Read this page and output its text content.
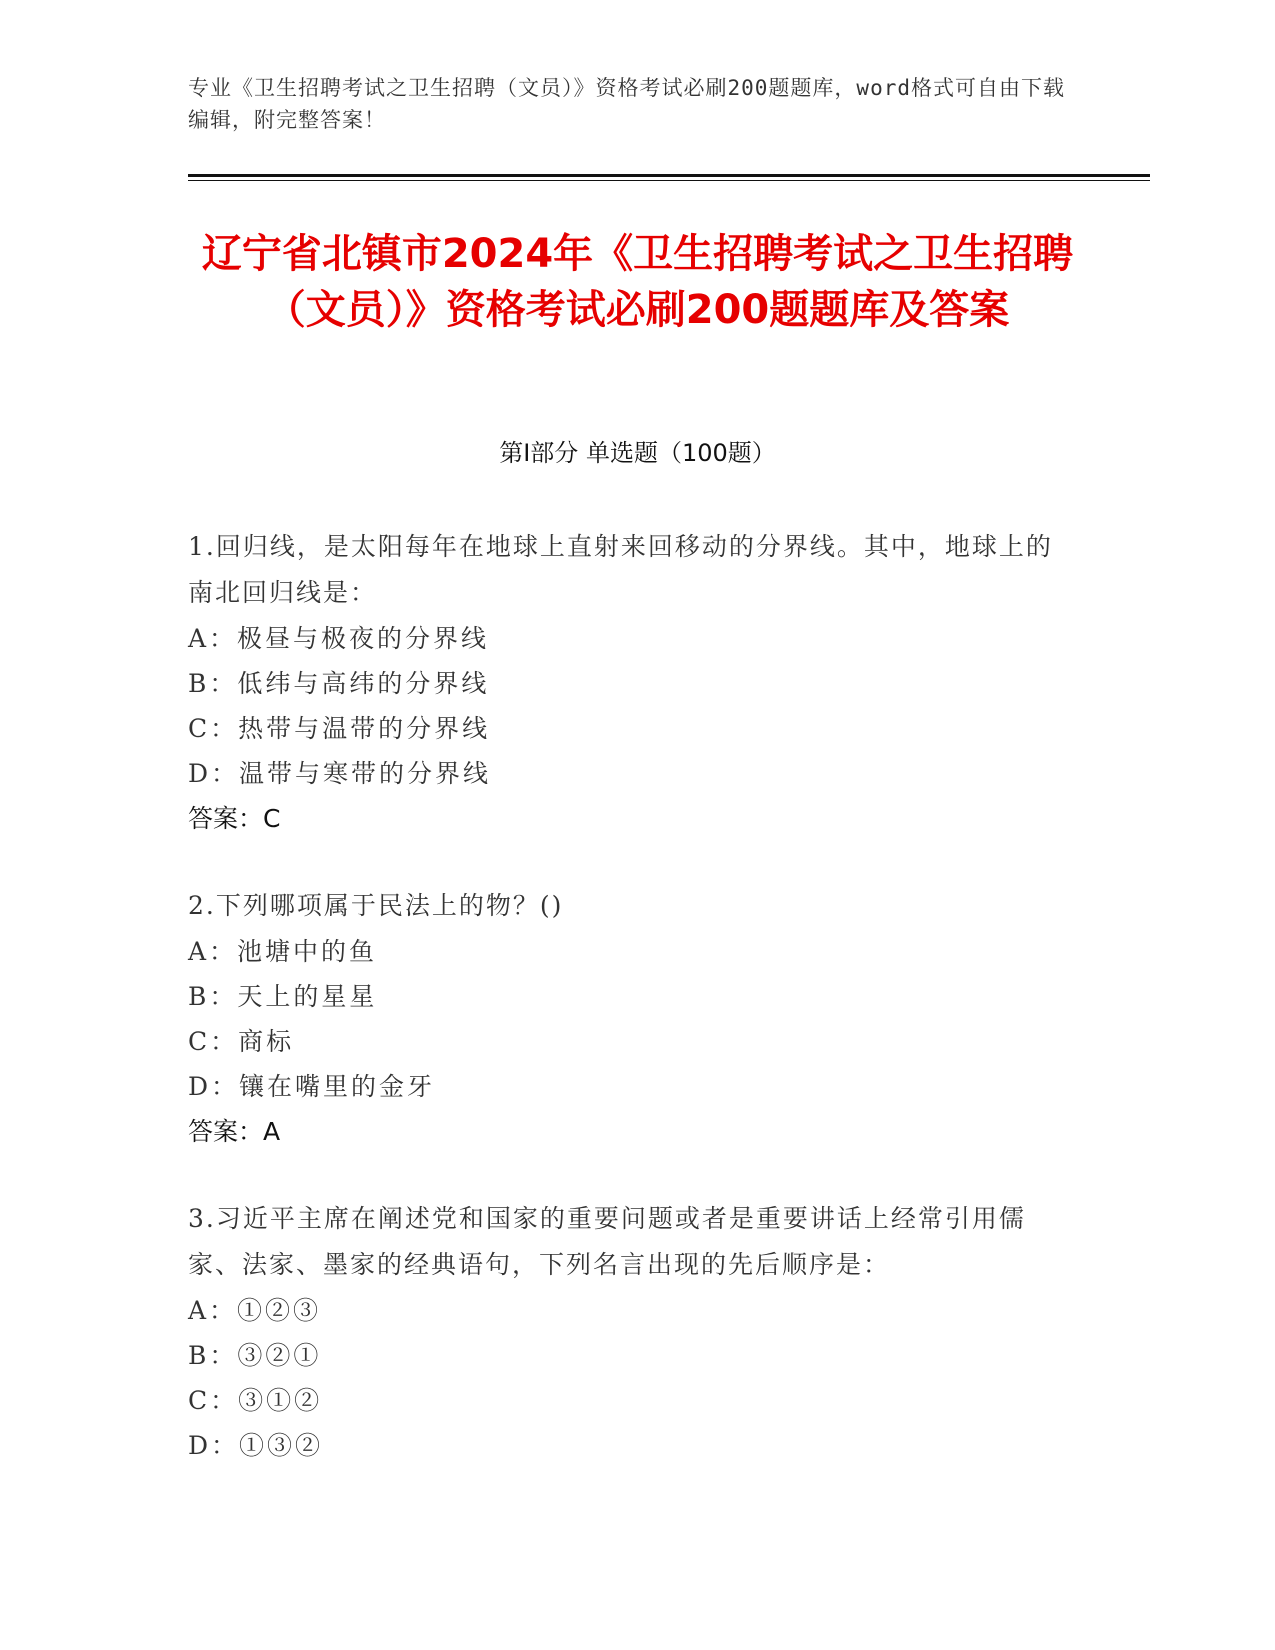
专业《卫生招聘考试之卫生招聘（文员）》资格考试必刷200题题库，word格式可自由下载编辑，附完整答案！
辽宁省北镇市2024年《卫生招聘考试之卫生招聘（文员）》资格考试必刷200题题库及答案
第Ⅰ部分 单选题（100题）
1.回归线，是太阳每年在地球上直射来回移动的分界线。其中，地球上的南北回归线是：
A：极昼与极夜的分界线
B：低纬与高纬的分界线
C：热带与温带的分界线
D：温带与寒带的分界线
答案：C
2.下列哪项属于民法上的物？()
A：池塘中的鱼
B：天上的星星
C：商标
D：镶在嘴里的金牙
答案：A
3.习近平主席在阐述党和国家的重要问题或者是重要讲话上经常引用儒家、法家、墨家的经典语句，下列名言出现的先后顺序是：
A：①②③
B：③②①
C：③①②
D：①③②
